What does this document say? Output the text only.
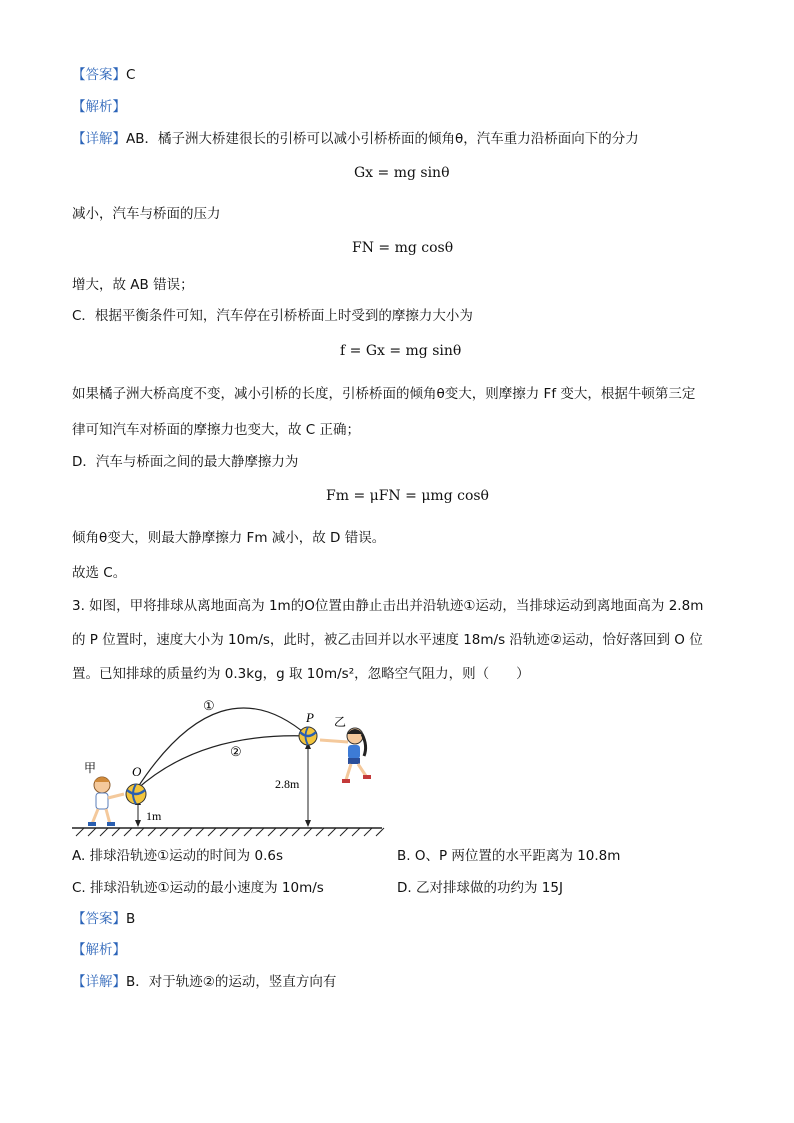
【答案】C
【解析】
【详解】AB．橘子洲大桥建很长的引桥可以减小引桥桥面的倾角θ，汽车重力沿桥面向下的分力
Gx = mg sinθ
减小，汽车与桥面的压力
FN = mg cosθ
增大，故 AB 错误；
C．根据平衡条件可知，汽车停在引桥桥面上时受到的摩擦力大小为
f = Gx = mg sinθ
如果橘子洲大桥高度不变，减小引桥的长度，引桥桥面的倾角θ变大，则摩擦力 Ff 变大，根据牛顿第三定
律可知汽车对桥面的摩擦力也变大，故 C 正确；
D．汽车与桥面之间的最大静摩擦力为
Fm = μFN = μmg cosθ
倾角θ变大，则最大静摩擦力 Fm 减小，故 D 错误。
故选 C。
3. 如图，甲将排球从离地面高为 1m的O位置由静止击出并沿轨迹①运动，当排球运动到离地面高为 2.8m
的 P 位置时，速度大小为 10m/s，此时，被乙击回并以水平速度 18m/s 沿轨迹②运动，恰好落回到 O 位
置。已知排球的质量约为 0.3kg，g 取 10m/s²，忽略空气阻力，则（　　）
甲
乙
O
P
①
②
1m
2.8m
A. 排球沿轨迹①运动的时间为 0.6s	B. O、P 两位置的水平距离为 10.8m
C. 排球沿轨迹①运动的最小速度为 10m/s	D. 乙对排球做的功约为 15J
【答案】B
【解析】
【详解】B．对于轨迹②的运动，竖直方向有
